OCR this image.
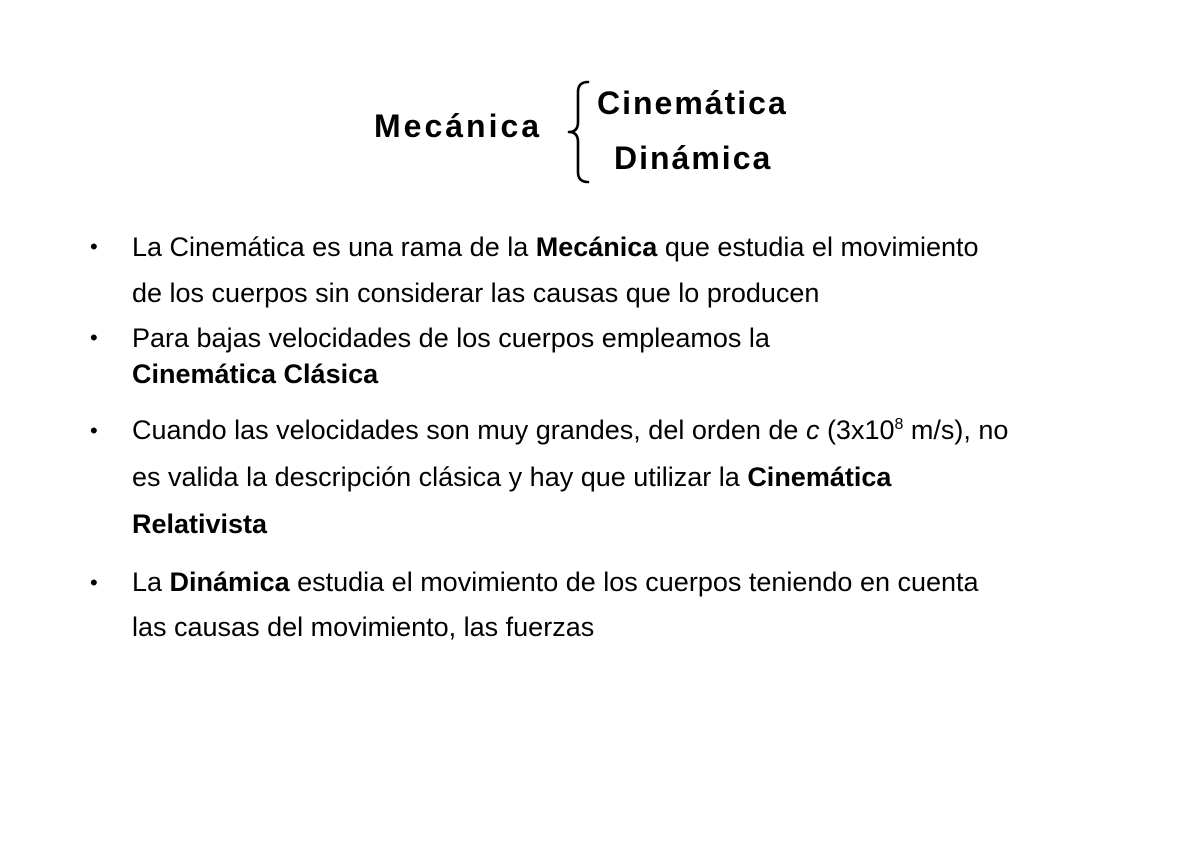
Mecánica
Cinemática
Dinámica
•	La Cinemática es una rama de la Mecánica que estudia el movimiento
de los cuerpos sin considerar las causas que lo producen
•	Para bajas velocidades de los cuerpos empleamos la
Cinemática Clásica
•	Cuando las velocidades son muy grandes, del orden de c ($3x10^8$ m/s), no
es valida la descripción clásica y hay que utilizar la Cinemática
Relativista
•	La Dinámica estudia el movimiento de los cuerpos teniendo en cuenta
las causas del movimiento, las fuerzas
